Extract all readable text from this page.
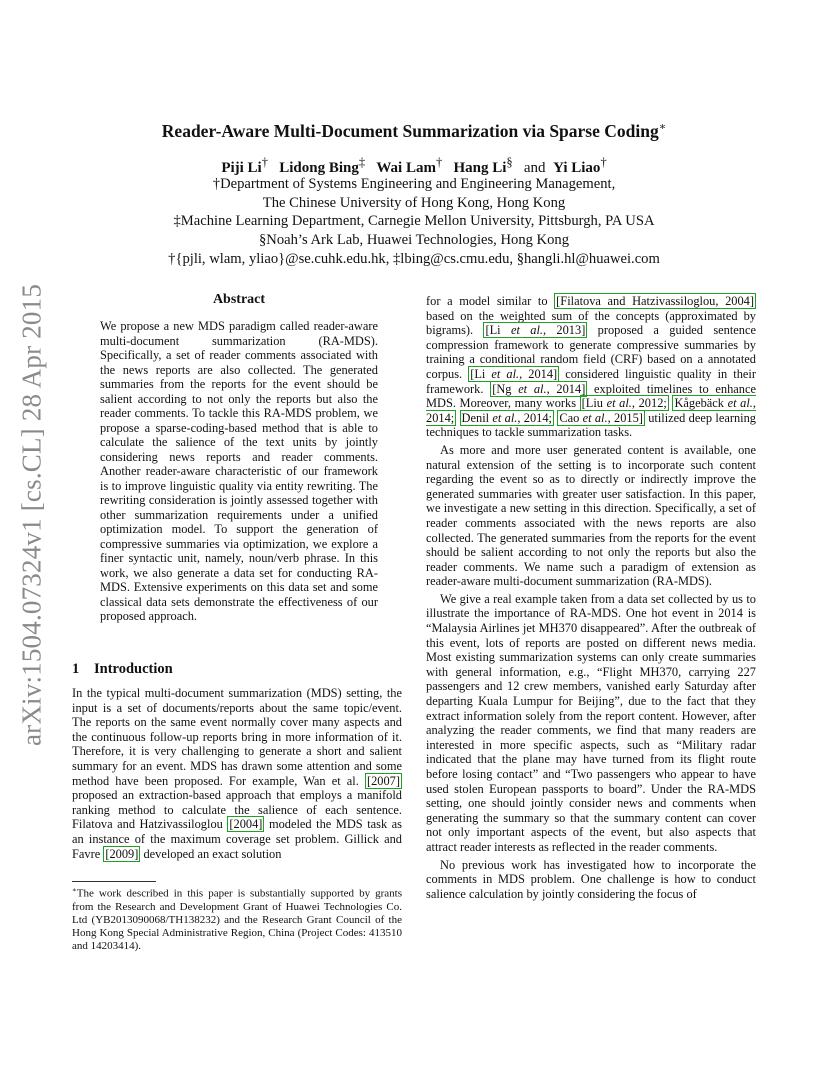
arXiv:1504.07324v1 [cs.CL] 28 Apr 2015
Reader-Aware Multi-Document Summarization via Sparse Coding∗
Piji Li† Lidong Bing‡ Wai Lam† Hang Li§ and Yi Liao†
†Department of Systems Engineering and Engineering Management,
The Chinese University of Hong Kong, Hong Kong
‡Machine Learning Department, Carnegie Mellon University, Pittsburgh, PA USA
§Noah’s Ark Lab, Huawei Technologies, Hong Kong
†{pjli, wlam, yliao}@se.cuhk.edu.hk, ‡lbing@cs.cmu.edu, §hangli.hl@huawei.com
Abstract
We propose a new MDS paradigm called reader-aware multi-document summarization (RA-MDS). Specifically, a set of reader comments associated with the news reports are also collected. The generated summaries from the reports for the event should be salient according to not only the reports but also the reader comments. To tackle this RA-MDS problem, we propose a sparse-coding-based method that is able to calculate the salience of the text units by jointly considering news reports and reader comments. Another reader-aware characteristic of our framework is to improve linguistic quality via entity rewriting. The rewriting consideration is jointly assessed together with other summarization requirements under a unified optimization model. To support the generation of compressive summaries via optimization, we explore a finer syntactic unit, namely, noun/verb phrase. In this work, we also generate a data set for conducting RA-MDS. Extensive experiments on this data set and some classical data sets demonstrate the effectiveness of our proposed approach.
1 Introduction
In the typical multi-document summarization (MDS) setting, the input is a set of documents/reports about the same topic/event. The reports on the same event normally cover many aspects and the continuous follow-up reports bring in more information of it. Therefore, it is very challenging to generate a short and salient summary for an event. MDS has drawn some attention and some method have been proposed. For example, Wan et al. [2007] proposed an extraction-based approach that employs a manifold ranking method to calculate the salience of each sentence. Filatova and Hatzivassiloglou [2004] modeled the MDS task as an instance of the maximum coverage set problem. Gillick and Favre [2009] developed an exact solution
∗The work described in this paper is substantially supported by grants from the Research and Development Grant of Huawei Technologies Co. Ltd (YB2013090068/TH138232) and the Research Grant Council of the Hong Kong Special Administrative Region, China (Project Codes: 413510 and 14203414).

for a model similar to [Filatova and Hatzivassiloglou, 2004] based on the weighted sum of the concepts (approximated by bigrams). [Li et al., 2013] proposed a guided sentence compression framework to generate compressive summaries by training a conditional random field (CRF) based on a annotated corpus. [Li et al., 2014] considered linguistic quality in their framework. [Ng et al., 2014] exploited timelines to enhance MDS. Moreover, many works [Liu et al., 2012; Kågebäck et al., 2014; Denil et al., 2014; Cao et al., 2015] utilized deep learning techniques to tackle summarization tasks.

As more and more user generated content is available, one natural extension of the setting is to incorporate such content regarding the event so as to directly or indirectly improve the generated summaries with greater user satisfaction. In this paper, we investigate a new setting in this direction. Specifically, a set of reader comments associated with the news reports are also collected. The generated summaries from the reports for the event should be salient according to not only the reports but also the reader comments. We name such a paradigm of extension as reader-aware multi-document summarization (RA-MDS).

We give a real example taken from a data set collected by us to illustrate the importance of RA-MDS. One hot event in 2014 is “Malaysia Airlines jet MH370 disappeared”. After the outbreak of this event, lots of reports are posted on different news media. Most existing summarization systems can only create summaries with general information, e.g., “Flight MH370, carrying 227 passengers and 12 crew members, vanished early Saturday after departing Kuala Lumpur for Beijing”, due to the fact that they extract information solely from the report content. However, after analyzing the reader comments, we find that many readers are interested in more specific aspects, such as “Military radar indicated that the plane may have turned from its flight route before losing contact” and “Two passengers who appear to have used stolen European passports to board”. Under the RA-MDS setting, one should jointly consider news and comments when generating the summary so that the summary content can cover not only important aspects of the event, but also aspects that attract reader interests as reflected in the reader comments.

No previous work has investigated how to incorporate the comments in MDS problem. One challenge is how to conduct salience calculation by jointly considering the focus of
